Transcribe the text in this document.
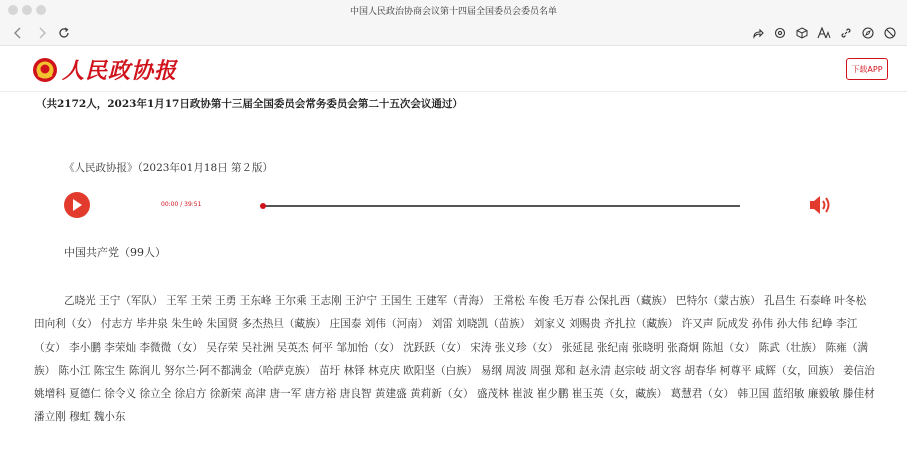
中国人民政治协商会议第十四届全国委员会委员名单
人民政协报	下载APP
（共2172人，2023年1月17日政协第十三届全国委员会常务委员会第二十五次会议通过）
《人民政协报》（2023年01月18日 第２版）
00:00 / 39:51
中国共产党（99人）
乙晓光 王宁（军队） 王军 王荣 王勇 王东峰 王尔乘 王志刚 王沪宁 王国生 王建军（青海） 王常松 车俊 毛万春 公保扎西（藏族） 巴特尔（蒙古族） 孔昌生 石泰峰 叶冬松 田向利（女） 付志方 毕井泉 朱生岭 朱国贤 多杰热旦（藏族） 庄国泰 刘伟（河南） 刘雷 刘晓凯（苗族） 刘家义 刘赐贵 齐扎拉（藏族） 许又声 阮成发 孙伟 孙大伟 纪峥 李江（女） 李小鹏 李荣灿 李微微（女） 吴存荣 吴社洲 吴英杰 何平 邹加怡（女） 沈跃跃（女） 宋涛 张义珍（女） 张延昆 张纪南 张晓明 张裔炯 陈旭（女） 陈武（壮族） 陈雍（满族） 陈小江 陈宝生 陈润儿 努尔兰·阿不都满金（哈萨克族） 苗圩 林铎 林克庆 欧阳坚（白族） 易纲 周波 周强 郑和 赵永清 赵宗岐 胡文容 胡春华 柯尊平 咸辉（女，回族） 姜信治 姚增科 夏德仁 徐令义 徐立全 徐启方 徐新荣 高津 唐一军 唐方裕 唐良智 黄建盛 黄莉新（女） 盛茂林 崔波 崔少鹏 崔玉英（女，藏族） 葛慧君（女） 韩卫国 蓝绍敏 廉毅敏 滕佳材 潘立刚 穆虹 魏小东
